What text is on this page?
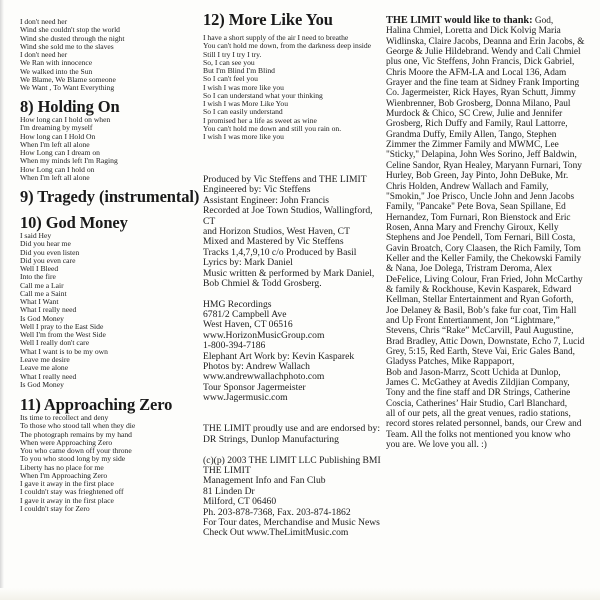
I don't need her
Wind she couldn't stop the world
Wind she dusted through the night
Wind she sold me to the slaves
I don't need her
We Ran with innocence
We walked into the Sun
We Blame, We Blame someone
We Want , To Want Everything
8) Holding On
How long can I hold on when
I'm dreaming by myself
How long can I Hold On
When I'm left all alone
How Long can I dream on
When my minds left I'm Raging
How Long can I hold on
When I'm left all alone
9) Tragedy (instrumental)
10) God Money
I said Hey
Did you hear me
Did you even listen
Did you even care
Well I Bleed
Into the fire
Call me a Lair
Call me a Saint
What I Want
What I really need
Is God Money
Well I pray to the East Side
Well I'm from the West Side
Well I really don't care
What I want is to be my own
Leave me desire
Leave me alone
What I really need
Is God Money
11) Approaching Zero
Its time to recollect and deny
To those who stood tall when they die
The photograph remains by my hand
When were Approaching Zero
You who came down off your throne
To you who stood long by my side
Liberty has no place for me
When I'm Approaching Zero
I gave it away in the first place
I couldn't stay was frieghtened off
I gave it away in the first place
I couldn't stay for Zero
12) More Like You
I have a short supply of the air I need to breathe
You can't hold me down, from the darkness deep inside
Still I try I try I try.
So, I can see you
But I'm Blind I'm Blind
So I can't feel you
I wish I was more like you
So I can understand what your thinking
I wish I was More Like You
So I can easily understand
I promised her a life as sweet as wine
You can't hold me down and still you rain on.
I wish I was more like you
Produced by Vic Steffens and THE LIMIT
Engineered by: Vic Steffens
Assistant Engineer: John Francis
Recorded at Joe Town Studios, Wallingford,
CT
and Horizon Studios, West Haven, CT
Mixed and Mastered by Vic Steffens
Tracks 1,4,7,9,10 c/o Produced by Basil
Lyrics by: Mark Daniel
Music written & performed by Mark Daniel,
Bob Chmiel & Todd Grosberg.
HMG Recordings
6781/2 Campbell Ave
West Haven, CT 06516
www.HorizonMusicGroup.com
1-800-394-7186
Elephant Art Work by: Kevin Kasparek
Photos by: Andrew Wallach
www.andrewwallachphoto.com
Tour Sponsor Jagermeister
www.Jagermusic.com
THE LIMIT proudly use and are endorsed by:
DR Strings, Dunlop Manufacturing
(c)(p) 2003 THE LIMIT LLC Publishing BMI
THE LIMIT
Management Info and Fan Club
81 Linden Dr
Milford, CT 06460
Ph. 203-878-7368, Fax. 203-874-1862
For Tour dates, Merchandise and Music News
Check Out www.TheLimitMusic.com
THE LIMIT would like to thank: God,
Halina Chmiel, Loretta and Dick Kolvig Maria
Widlinska, Claire Jacobs, Deanna and Erin Jacobs, &
George & Julie Hildebrand. Wendy and Cali Chmiel
plus one, Vic Steffens, John Francis, Dick Gabriel,
Chris Moore the AFM-LA and Local 136, Adam
Grayer and the fine team at Sidney Frank Importing
Co. Jagermeister, Rick Hayes, Ryan Schutt, Jimmy
Wienbrenner, Bob Grosberg, Donna Milano, Paul
Murdock & Chico, SC Crew, Julie and Jennifer
Grosberg, Rich Duffy and Family, Raul Lattorre,
Grandma Duffy, Emily Allen, Tango, Stephen
Zimmer the Zimmer Family and MWMC, Lee
"Sticky," Delapina, John Wes Sorino, Jeff Baldwin,
Celine Sandor, Ryan Healey, Maryann Furnari, Tony
Hurley, Bob Green, Jay Pinto, John DeBuke, Mr.
Chris Holden, Andrew Wallach and Family,
"Smokin," Joe Prisco, Uncle John and Jenn Jacobs
Family, "Pancake" Pete Bova, Sean Spillane, Ed
Hernandez, Tom Furnari, Ron Bienstock and Eric
Rosen, Anna Mary and Frenchy Giroux, Kelly
Stephens and Joe Pendell, Tom Fernari, Bill Costa,
Gavin Broatch, Cory Claasen, the Rich Family, Tom
Keller and the Keller Family, the Chekowski Family
& Nana, Joe Dolega, Tristram Deroma, Alex
DeFelice, Living Colour, Fran Fried, John McCarthy
& family & Rockhouse, Kevin Kasparek, Edward
Kellman, Stellar Entertainment and Ryan Goforth,
Joe Delaney & Basil, Bob’s fake fur coat, Tim Hall
and Up Front Entertianment, Jon “Lightmare,”
Stevens, Chris “Rake” McCarvill, Paul Augustine,
Brad Bradley, Attic Down, Downstate, Echo 7, Lucid
Grey, 5:15, Red Earth, Steve Vai, Eric Gales Band,
Gladyss Patches, Mike Rappaport,
Bob and Jason-Marrz, Scott Uchida at Dunlop,
James C. McGathey at Avedis Zildjian Company,
Tony and the fine staff and DR Strings, Catherine
Coscia, Catherines’ Hair Studio, Carl Blanchard,
all of our pets, all the great venues, radio stations,
record stores related personnel, bands, our Crew and
Team. All the folks not mentioned you know who
you are. We love you all. :)
